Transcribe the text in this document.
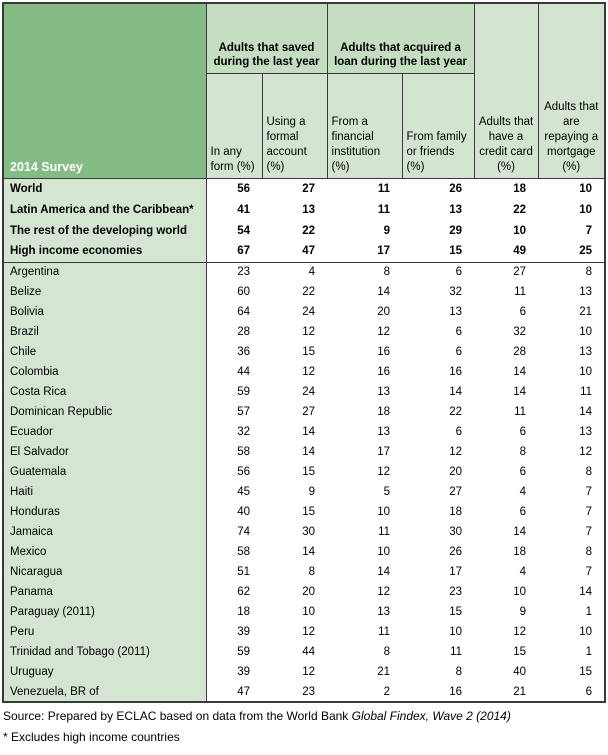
2014 Survey	Adults that saved during the last year		Adults that acquired a loan during the last year		Adults that have a credit card (%)	Adults that are repaying a mortgage (%)
	In any form (%)	Using a formal account (%)	From a financial institution (%)	From family or friends (%)		
World	56	27	11	26	18	10
Latin America and the Caribbean*	41	13	11	13	22	10
The rest of the developing world	54	22	9	29	10	7
High income economies	67	47	17	15	49	25
Argentina	23	4	8	6	27	8
Belize	60	22	14	32	11	13
Bolivia	64	24	20	13	6	21
Brazil	28	12	12	6	32	10
Chile	36	15	16	6	28	13
Colombia	44	12	16	16	14	10
Costa Rica	59	24	13	14	14	11
Dominican Republic	57	27	18	22	11	14
Ecuador	32	14	13	6	6	13
El Salvador	58	14	17	12	8	12
Guatemala	56	15	12	20	6	8
Haiti	45	9	5	27	4	7
Honduras	40	15	10	18	6	7
Jamaica	74	30	11	30	14	7
Mexico	58	14	10	26	18	8
Nicaragua	51	8	14	17	4	7
Panama	62	20	12	23	10	14
Paraguay (2011)	18	10	13	15	9	1
Peru	39	12	11	10	12	10
Trinidad and Tobago (2011)	59	44	8	11	15	1
Uruguay	39	12	21	8	40	15
Venezuela, BR of	47	23	2	16	21	6
Source: Prepared by ECLAC based on data from the World Bank Global Findex, Wave 2 (2014)
* Excludes high income countries
